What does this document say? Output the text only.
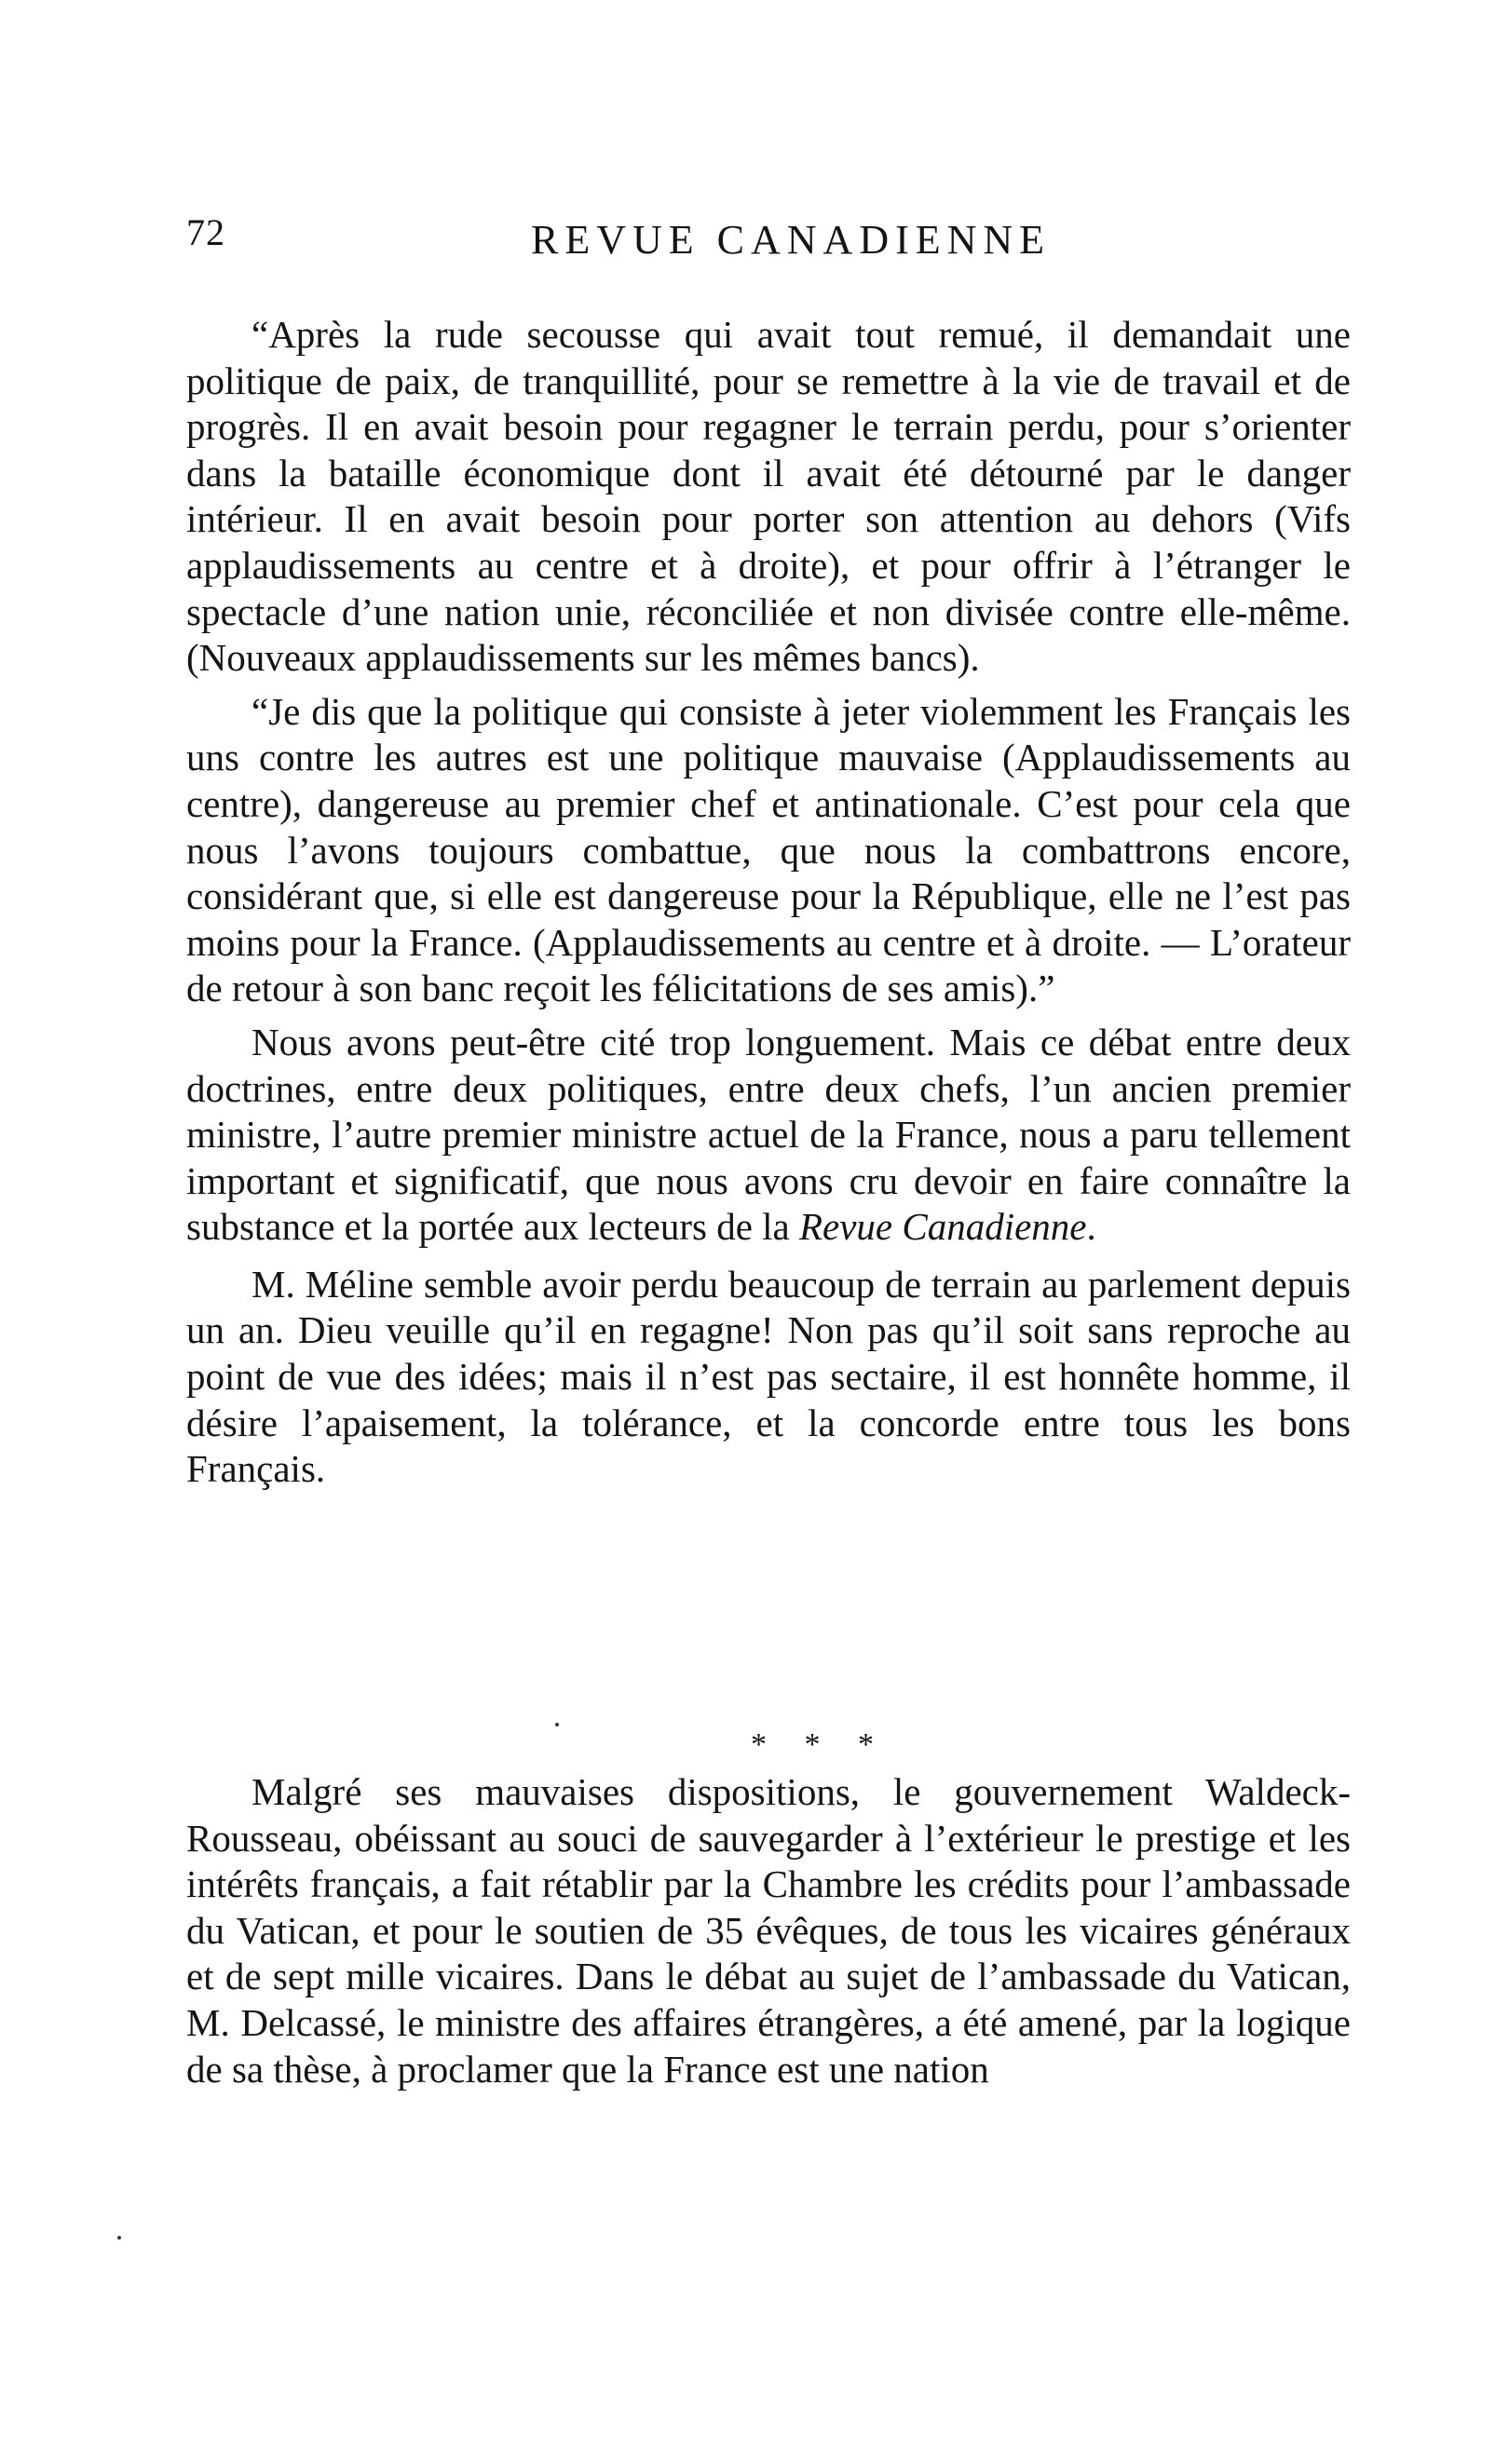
72	REVUE CANADIENNE

“Après la rude secousse qui avait tout remué, il demandait une politique de paix, de tranquillité, pour se remettre à la vie de travail et de progrès. Il en avait besoin pour regagner le terrain perdu, pour s’orienter dans la bataille économique dont il avait été détourné par le danger intérieur. Il en avait besoin pour porter son attention au dehors (Vifs applaudissements au centre et à droite), et pour offrir à l’étranger le spectacle d’une nation unie, réconciliée et non divisée contre elle-même. (Nouveaux applaudissements sur les mêmes bancs).

“Je dis que la politique qui consiste à jeter violemment les Français les uns contre les autres est une politique mauvaise (Applaudissements au centre), dangereuse au premier chef et antinationale. C’est pour cela que nous l’avons toujours combattue, que nous la combattrons encore, considérant que, si elle est dangereuse pour la République, elle ne l’est pas moins pour la France. (Applaudissements au centre et à droite. — L’orateur de retour à son banc reçoit les félicitations de ses amis).”

Nous avons peut-être cité trop longuement. Mais ce débat entre deux doctrines, entre deux politiques, entre deux chefs, l’un ancien premier ministre, l’autre premier ministre actuel de la France, nous a paru tellement important et significatif, que nous avons cru devoir en faire connaître la substance et la portée aux lecteurs de la Revue Canadienne.

M. Méline semble avoir perdu beaucoup de terrain au parlement depuis un an. Dieu veuille qu’il en regagne! Non pas qu’il soit sans reproche au point de vue des idées; mais il n’est pas sectaire, il est honnête homme, il désire l’apaisement, la tolérance, et la concorde entre tous les bons Français.

* * *

Malgré ses mauvaises dispositions, le gouvernement Waldeck-Rousseau, obéissant au souci de sauvegarder à l’extérieur le prestige et les intérêts français, a fait rétablir par la Chambre les crédits pour l’ambassade du Vatican, et pour le soutien de 35 évêques, de tous les vicaires généraux et de sept mille vicaires. Dans le débat au sujet de l’ambassade du Vatican, M. Delcassé, le ministre des affaires étrangères, a été amené, par la logique de sa thèse, à proclamer que la France est une nation
